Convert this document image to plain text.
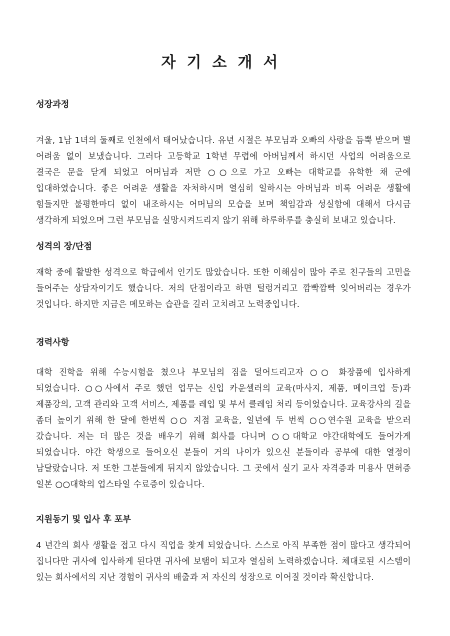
자기소개서
성장과정
겨울, 1남 1녀의 둘째로 인천에서 태어났습니다. 유년 시절은 부모님과 오빠의 사랑을 듬뿍 받으며 별 어려움 없이 보냈습니다. 그러다 고등학교 1학년 무렵에 아버님께서 하시던 사업의 어려움으로 결국은 문을 닫게 되었고 어머님과 저만 ○○으로 가고 오빠는 대학교를 유학한 채 군에 입대하였습니다. 좋은 어려운 생활을 자처하시며 열심히 일하시는 아버님과 비록 어려운 생활에 힘들지만 불평한마디 없이 내조하시는 어머님의 모습을 보며 책임감과 성실함에 대해서 다시금 생각하게 되었으며 그런 부모님을 실망시켜드리지 않기 위해 하루하루를 충실히 보내고 있습니다.
성격의 장/단점
재학 중에 활발한 성격으로 학급에서 인기도 많았습니다. 또한 이해심이 많아 주로 친구들의 고민을 들어주는 상담자이기도 했습니다. 저의 단점이라고 하면 털렁거리고 깜빡깜빡 잊어버리는 경우가 것입니다. 하지만 지금은 메모하는 습관을 길러 고치려고 노력중입니다.
경력사항
대학 진학을 위해 수능시험을 쳤으나 부모님의 짐을 덜어드리고자 ○○ 화장품에 입사하게 되었습니다. ○○사에서 주로 했던 업무는 신입 카운셀러의 교육(마사지, 제품, 메이크업 등)과 제품강의, 고객 관리와 고객 서비스, 제품를 레입 및 부서 클레임 처리 등이었습니다. 교육강사의 길을 좀더 높이기 위해 한 달에 한번씩 ○○ 지점 교육을, 일년에 두 번씩 ○○연수원 교육을 받으러 갔습니다. 저는 더 많은 것을 배우기 위해 회사를 다니며 ○○대학교 야간대학에도 들어가게 되었습니다. 야간 학생으로 들어오신 분들이 거의 나이가 있으신 분들이라 공부에 대한 열정이 남달랐습니다. 저 또한 그분들에게 뒤지지 않았습니다. 그 곳에서 실기 교사 자격증과 미용사 면허증 일본 ○○대학의 업스타일 수료증이 있습니다.
지원동기 및 입사 후 포부
4 년간의 회사 생활을 접고 다시 직업을 찾게 되었습니다. 스스로 아직 부족한 점이 많다고 생각되어 집니다만 귀사에 입사하게 된다면 귀사에 보탬이 되고자 열심히 노력하겠습니다. 체대로된 시스템이 있는 회사에서의 지난 경험이 귀사의 배출과 저 자신의 성장으로 이어질 것이라 확신합니다.
